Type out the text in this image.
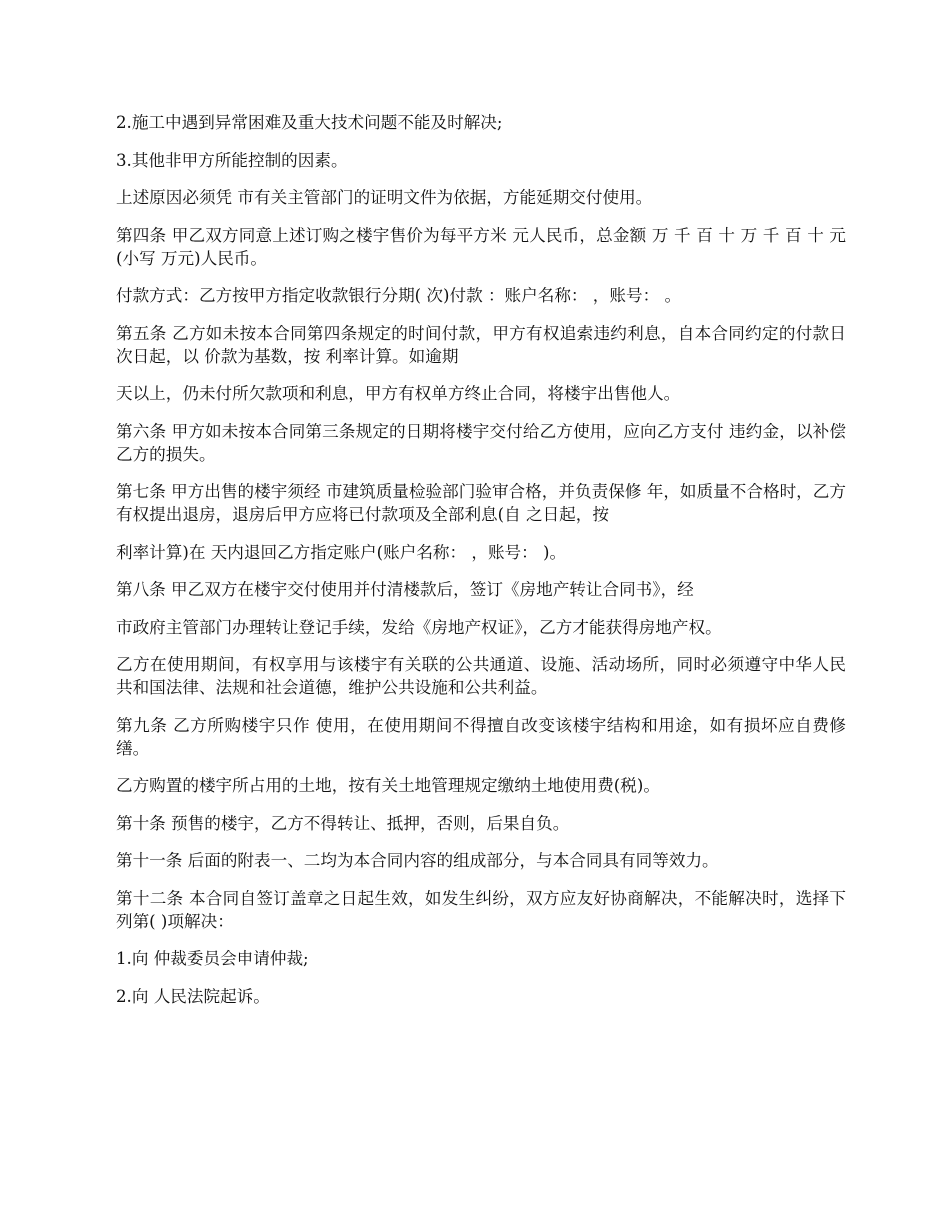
2.施工中遇到异常困难及重大技术问题不能及时解决;

3.其他非甲方所能控制的因素。

上述原因必须凭 市有关主管部门的证明文件为依据，方能延期交付使用。

第四条 甲乙双方同意上述订购之楼宇售价为每平方米 元人民币，总金额 万 千 百 十 万 千 百 十 元(小写 万元)人民币。

付款方式：乙方按甲方指定收款银行分期( 次)付款 ：账户名称： ，账号： 。

第五条 乙方如未按本合同第四条规定的时间付款，甲方有权追索违约利息，自本合同约定的付款日次日起，以 价款为基数，按 利率计算。如逾期

天以上，仍未付所欠款项和利息，甲方有权单方终止合同，将楼宇出售他人。

第六条 甲方如未按本合同第三条规定的日期将楼宇交付给乙方使用，应向乙方支付 违约金，以补偿乙方的损失。

第七条 甲方出售的楼宇须经 市建筑质量检验部门验审合格，并负责保修 年，如质量不合格时，乙方有权提出退房，退房后甲方应将已付款项及全部利息(自 之日起，按

利率计算)在 天内退回乙方指定账户(账户名称： ，账号： )。

第八条 甲乙双方在楼宇交付使用并付清楼款后，签订《房地产转让合同书》，经

市政府主管部门办理转让登记手续，发给《房地产权证》，乙方才能获得房地产权。

乙方在使用期间，有权享用与该楼宇有关联的公共通道、设施、活动场所，同时必须遵守中华人民共和国法律、法规和社会道德，维护公共设施和公共利益。

第九条 乙方所购楼宇只作 使用，在使用期间不得擅自改变该楼宇结构和用途，如有损坏应自费修缮。

乙方购置的楼宇所占用的土地，按有关土地管理规定缴纳土地使用费(税)。

第十条 预售的楼宇，乙方不得转让、抵押，否则，后果自负。

第十一条 后面的附表一、二均为本合同内容的组成部分，与本合同具有同等效力。

第十二条 本合同自签订盖章之日起生效，如发生纠纷，双方应友好协商解决，不能解决时，选择下列第( )项解决：

1.向 仲裁委员会申请仲裁;

2.向 人民法院起诉。
